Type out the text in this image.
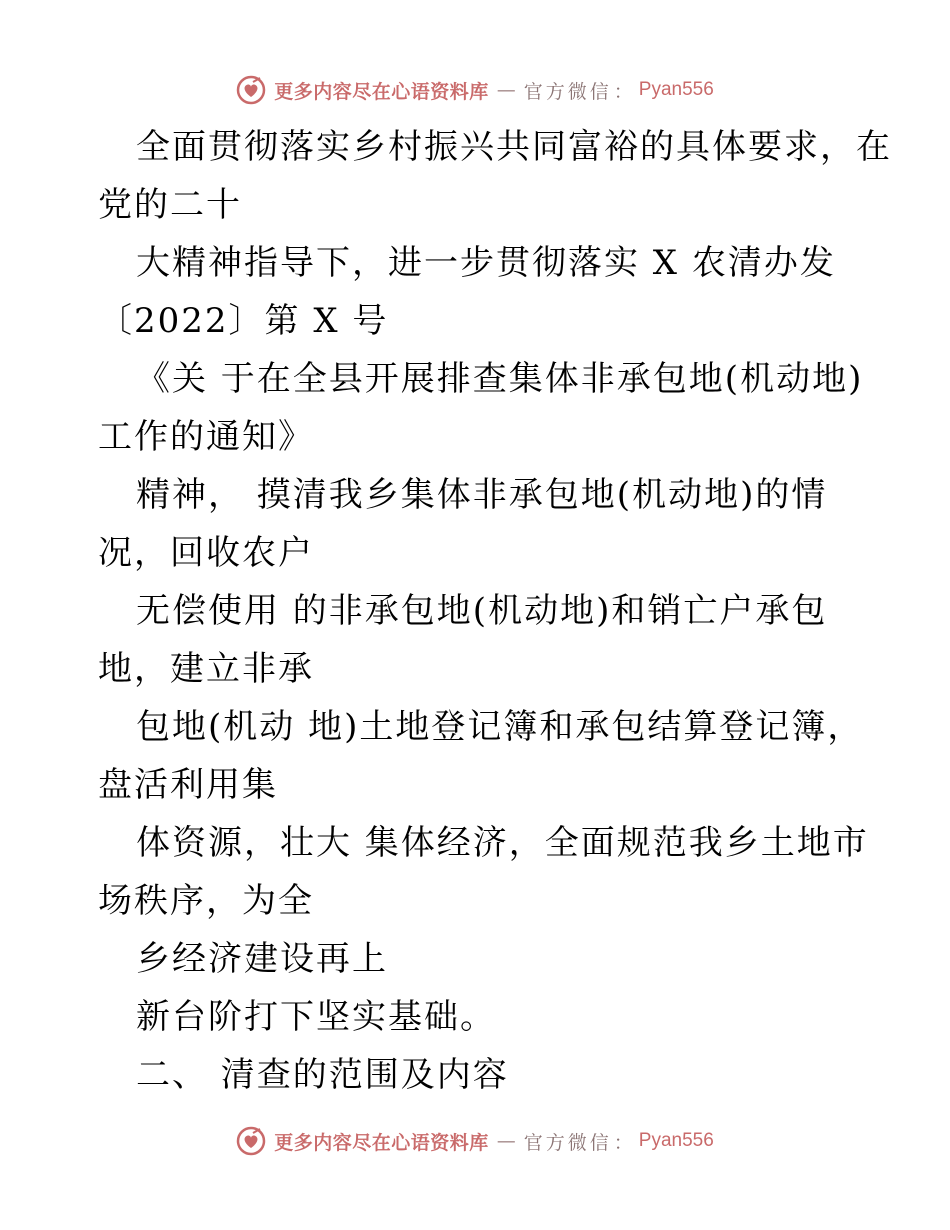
更多内容尽在心语资料库 — 官方微信 ： Pyan556
全面贯彻落实乡村振兴共同富裕的具体要求，在
党的二十
大精神指导下，进一步贯彻落实 X 农清办发
〔2022〕第 X 号
《关 于在全县开展排查集体非承包地(机动地)
工作的通知》
精神， 摸清我乡集体非承包地(机动地)的情
况，回收农户
无偿使用 的非承包地(机动地)和销亡户承包
地，建立非承
包地(机动 地)土地登记簿和承包结算登记簿，
盘活利用集
体资源，壮大 集体经济，全面规范我乡土地市
场秩序，为全
乡经济建设再上
新台阶打下坚实基础。
二、 清查的范围及内容
更多内容尽在心语资料库 — 官方微信 ： Pyan556
